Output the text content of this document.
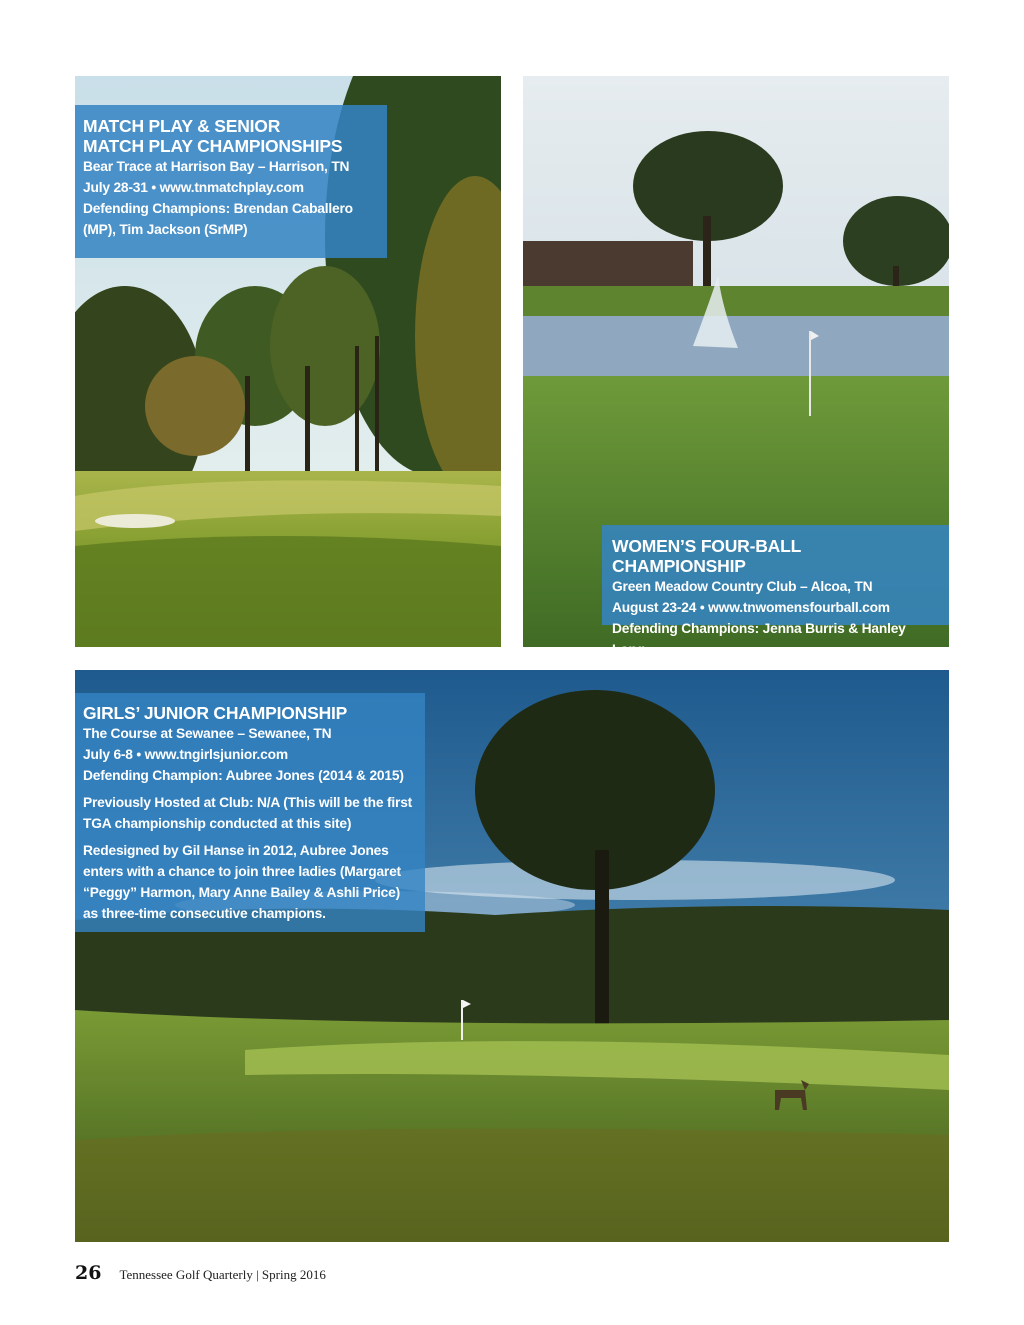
MATCH PLAY & SENIOR
MATCH PLAY CHAMPIONSHIPS
Bear Trace at Harrison Bay – Harrison, TN
July 28-31 • www.tnmatchplay.com
Defending Champions: Brendan Caballero
(MP), Tim Jackson (SrMP)
WOMEN’S FOUR-BALL CHAMPIONSHIP
Green Meadow Country Club – Alcoa, TN
August 23-24 • www.tnwomensfourball.com
Defending Champions: Jenna Burris & Hanley Long
GIRLS’ JUNIOR CHAMPIONSHIP
The Course at Sewanee – Sewanee, TN
July 6-8 • www.tngirlsjunior.com
Defending Champion: Aubree Jones (2014 & 2015)
Previously Hosted at Club: N/A (This will be the first TGA championship conducted at this site)
Redesigned by Gil Hanse in 2012, Aubree Jones enters with a chance to join three ladies (Margaret “Peggy” Harmon, Mary Anne Bailey & Ashli Price) as three-time consecutive champions.
26 Tennessee Golf Quarterly | Spring 2016
